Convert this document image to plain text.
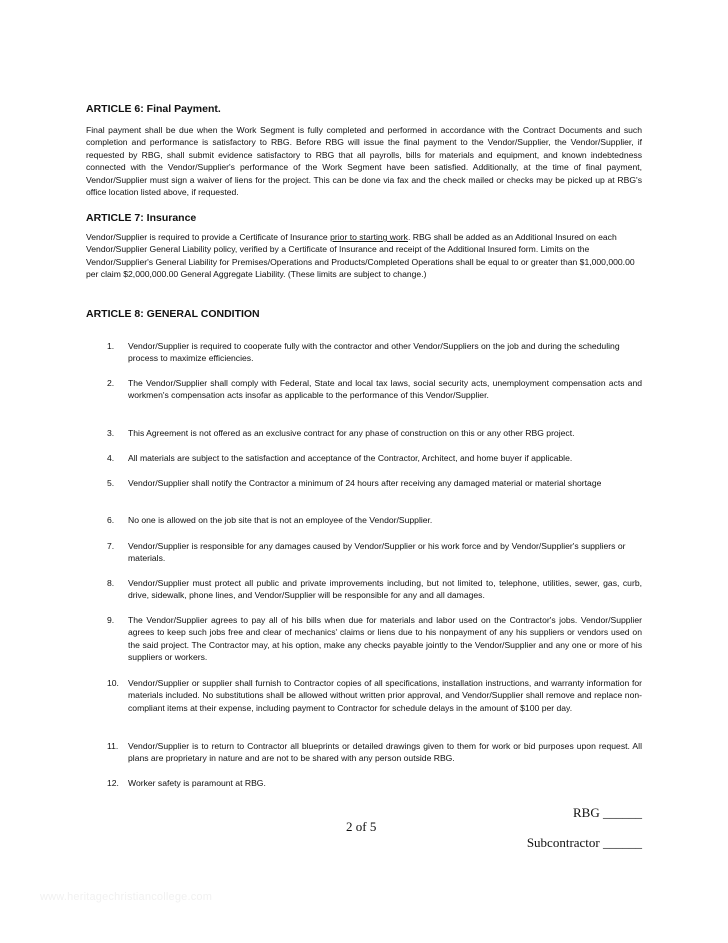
ARTICLE 6: Final Payment.
Final payment shall be due when the Work Segment is fully completed and performed in accordance with the Contract Documents and such completion and performance is satisfactory to RBG. Before RBG will issue the final payment to the Vendor/Supplier, the Vendor/Supplier, if requested by RBG, shall submit evidence satisfactory to RBG that all payrolls, bills for materials and equipment, and known indebtedness connected with the Vendor/Supplier's performance of the Work Segment have been satisfied. Additionally, at the time of final payment, Vendor/Supplier must sign a waiver of liens for the project. This can be done via fax and the check mailed or checks may be picked up at RBG's office location listed above, if requested.
ARTICLE 7: Insurance
Vendor/Supplier is required to provide a Certificate of Insurance prior to starting work. RBG shall be added as an Additional Insured on each Vendor/Supplier General Liability policy, verified by a Certificate of Insurance and receipt of the Additional Insured form. Limits on the Vendor/Supplier's General Liability for Premises/Operations and Products/Completed Operations shall be equal to or greater than $1,000,000.00 per claim $2,000,000.00 General Aggregate Liability. (These limits are subject to change.)
ARTICLE 8: GENERAL CONDITION
1.	Vendor/Supplier is required to cooperate fully with the contractor and other Vendor/Suppliers on the job and during the scheduling process to maximize efficiencies.
2.	The Vendor/Supplier shall comply with Federal, State and local tax laws, social security acts, unemployment compensation acts and workmen's compensation acts insofar as applicable to the performance of this Vendor/Supplier.
3.	This Agreement is not offered as an exclusive contract for any phase of construction on this or any other RBG project.
4.	All materials are subject to the satisfaction and acceptance of the Contractor, Architect, and home buyer if applicable.
5.	Vendor/Supplier shall notify the Contractor a minimum of 24 hours after receiving any damaged material or material shortage
6.	No one is allowed on the job site that is not an employee of the Vendor/Supplier.
7.	Vendor/Supplier is responsible for any damages caused by Vendor/Supplier or his work force and by Vendor/Supplier's suppliers or materials.
8.	Vendor/Supplier must protect all public and private improvements including, but not limited to, telephone, utilities, sewer, gas, curb, drive, sidewalk, phone lines, and Vendor/Supplier will be responsible for any and all damages.
9.	The Vendor/Supplier agrees to pay all of his bills when due for materials and labor used on the Contractor's jobs. Vendor/Supplier agrees to keep such jobs free and clear of mechanics' claims or liens due to his nonpayment of any his suppliers or vendors used on the said project. The Contractor may, at his option, make any checks payable jointly to the Vendor/Supplier and any one or more of his suppliers or workers.
10.	Vendor/Supplier or supplier shall furnish to Contractor copies of all specifications, installation instructions, and warranty information for materials included. No substitutions shall be allowed without written prior approval, and Vendor/Supplier shall remove and replace non-compliant items at their expense, including payment to Contractor for schedule delays in the amount of $100 per day.
11.	Vendor/Supplier is to return to Contractor all blueprints or detailed drawings given to them for work or bid purposes upon request. All plans are proprietary in nature and are not to be shared with any person outside RBG.
12.	Worker safety is paramount at RBG.
RBG ______
2 of 5
Subcontractor ______
www.heritagechristiancollege.com
